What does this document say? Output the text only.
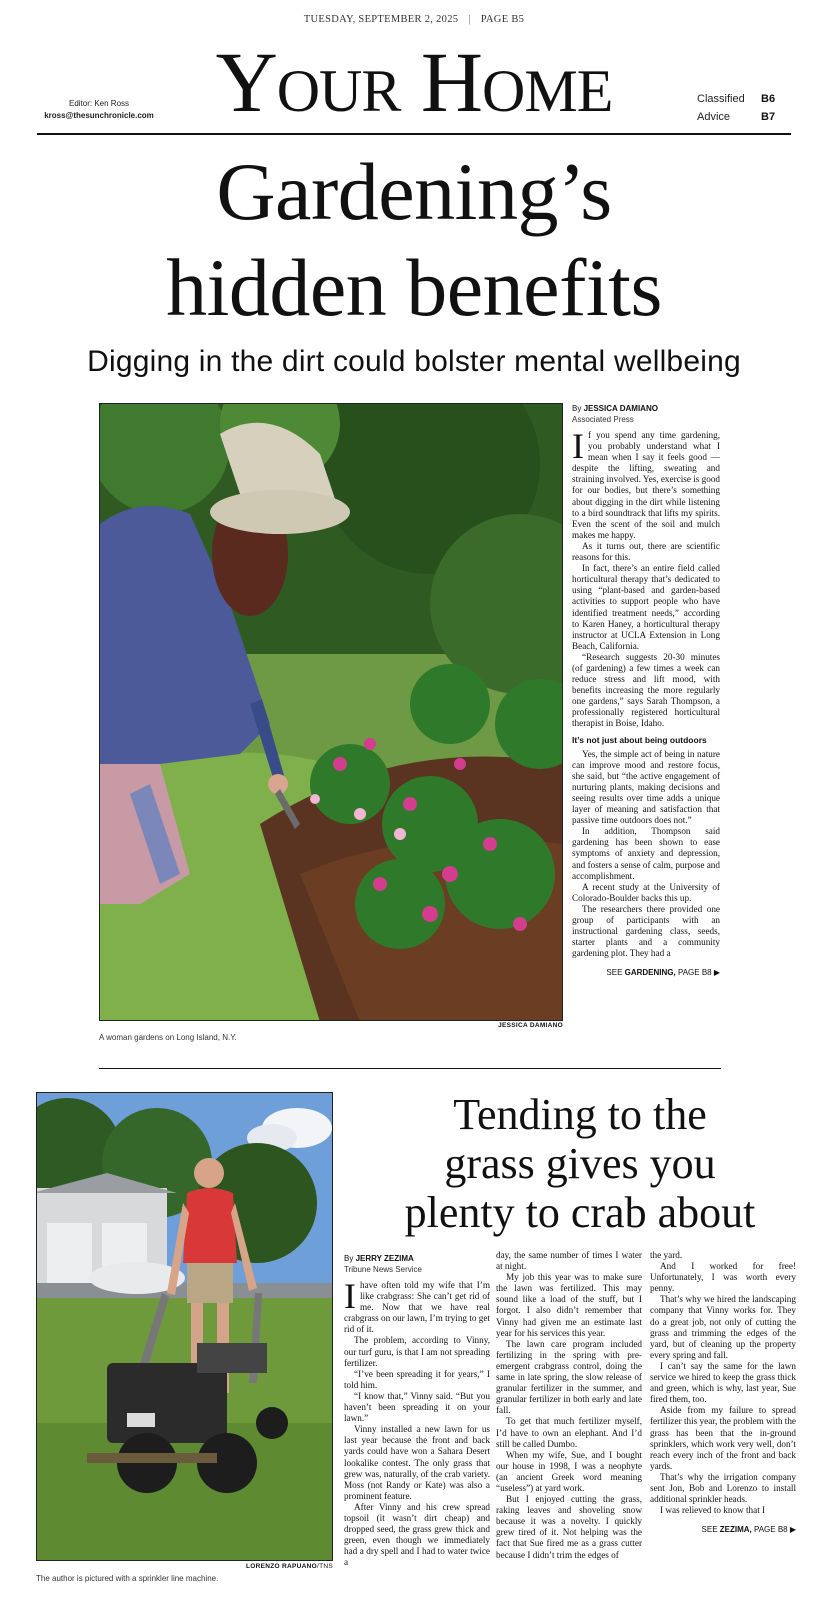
TUESDAY, SEPTEMBER 2, 2025 | PAGE B5
Editor: Ken Ross
kross@thesunchronicle.com Your Home	Classified	B6
Advice	B7
Gardening’s
hidden benefits
Digging in the dirt could bolster mental wellbeing
JESSICA DAMIANO
A woman gardens on Long Island, N.Y.
By JESSICA DAMIANO
Associated Press

If you spend any time gardening, you probably understand what I mean when I say it feels good — despite the lifting, sweating and straining involved. Yes, exercise is good for our bodies, but there’s something about digging in the dirt while listening to a bird soundtrack that lifts my spirits. Even the scent of the soil and mulch makes me happy.

As it turns out, there are scientific reasons for this.

In fact, there’s an entire field called horticultural therapy that’s dedicated to using “plant-based and garden-based activities to support people who have identified treatment needs,” according to Karen Haney, a horticultural therapy instructor at UCLA Extension in Long Beach, California.

“Research suggests 20-30 minutes (of gardening) a few times a week can reduce stress and lift mood, with benefits increasing the more regularly one gardens,” says Sarah Thompson, a professionally registered horticultural therapist in Boise, Idaho.

It’s not just about being outdoors

Yes, the simple act of being in nature can improve mood and restore focus, she said, but “the active engagement of nurturing plants, making decisions and seeing results over time adds a unique layer of meaning and satisfaction that passive time outdoors does not.”

In addition, Thompson said gardening has been shown to ease symptoms of anxiety and depression, and fosters a sense of calm, purpose and accomplishment.

A recent study at the University of Colorado-Boulder backs this up.

The researchers there provided one group of participants with an instructional gardening class, seeds, starter plants and a community gardening plot. They had a

SEE GARDENING, PAGE B8 ▶
LORENZO RAPUANO/TNS
The author is pictured with a sprinkler line machine.
Tending to the
grass gives you
plenty to crab about
By JERRY ZEZIMA
Tribune News Service

Ihave often told my wife that I’m like crabgrass: She can’t get rid of me. Now that we have real crabgrass on our lawn, I’m trying to get rid of it.

The problem, according to Vinny, our turf guru, is that I am not spreading fertilizer.

“I’ve been spreading it for years,” I told him.

“I know that,” Vinny said. “But you haven’t been spreading it on your lawn.”

Vinny installed a new lawn for us last year because the front and back yards could have won a Sahara Desert lookalike contest. The only grass that grew was, naturally, of the crab variety. Moss (not Randy or Kate) was also a prominent feature.

After Vinny and his crew spread topsoil (it wasn’t dirt cheap) and dropped seed, the grass grew thick and green, even though we immediately had a dry spell and I had to water twice a

day, the same number of times I water at night.

My job this year was to make sure the lawn was fertilized. This may sound like a load of the stuff, but I forgot. I also didn’t remember that Vinny had given me an estimate last year for his services this year.

The lawn care program included fertilizing in the spring with pre-emergent crabgrass control, doing the same in late spring, the slow release of granular fertilizer in the summer, and granular fertilizer in both early and late fall.

To get that much fertilizer myself, I’d have to own an elephant. And I’d still be called Dumbo.

When my wife, Sue, and I bought our house in 1998, I was a neophyte (an ancient Greek word meaning “useless”) at yard work.

But I enjoyed cutting the grass, raking leaves and shoveling snow because it was a novelty. I quickly grew tired of it. Not helping was the fact that Sue fired me as a grass cutter because I didn’t trim the edges of

the yard.

And I worked for free! Unfortunately, I was worth every penny.

That’s why we hired the landscaping company that Vinny works for. They do a great job, not only of cutting the grass and trimming the edges of the yard, but of cleaning up the property every spring and fall.

I can’t say the same for the lawn service we hired to keep the grass thick and green, which is why, last year, Sue fired them, too.

Aside from my failure to spread fertilizer this year, the problem with the grass has been that the in-ground sprinklers, which work very well, don’t reach every inch of the front and back yards.

That’s why the irrigation company sent Jon, Bob and Lorenzo to install additional sprinkler heads.

I was relieved to know that I

SEE ZEZIMA, PAGE B8 ▶
